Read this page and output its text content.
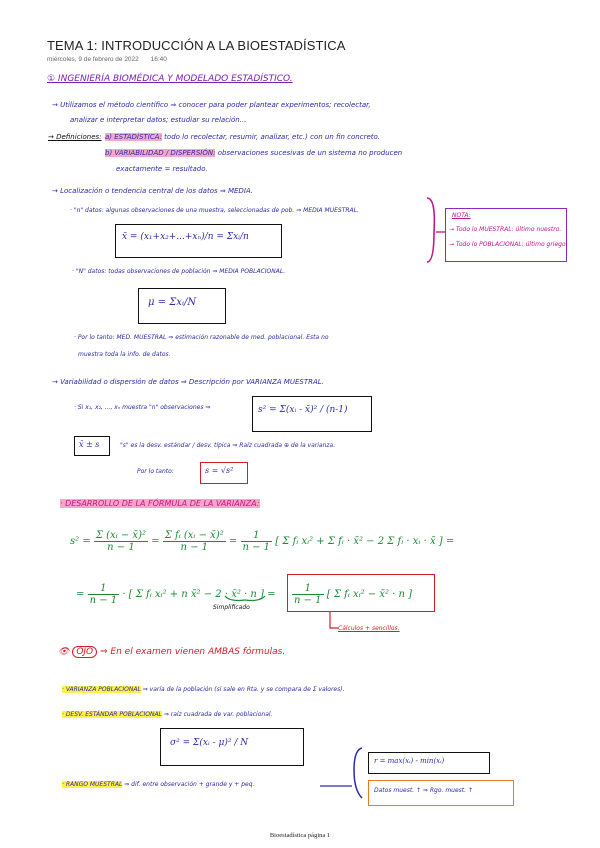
TEMA 1: INTRODUCCIÓN A LA BIOESTADÍSTICA
miércoles, 9 de febrero de 2022 16:40
① INGENIERÍA BIOMÉDICA Y MODELADO ESTADÍSTICO.
→ Utilizamos el método científico ⇒ conocer para poder plantear experimentos; recolectar,
analizar e interpretar datos; estudiar su relación...
→ Definiciones: a) ESTADÍSTICA: todo lo recolectar, resumir, analizar, etc.) con un fin concreto.
b) VARIABILIDAD / DISPERSIÓN: observaciones sucesivas de un sistema no producen
exactamente = resultado.
→ Localización o tendencia central de los datos ⇒ MEDIA.
· "n" datos: algunas observaciones de una muestra, seleccionadas de pob. ⇒ MEDIA MUESTRAL.
x̄ = (x₁+x₂+...+xₙ)/n = Σxᵢ/n
· "N" datos: todas observaciones de población ⇒ MEDIA POBLACIONAL.
μ = Σxᵢ/N
· Por lo tanto: MED. MUESTRAL ⇒ estimación razonable de med. poblacional. Esta no
muestra toda la info. de datos.
NOTA:
→ Todo lo MUESTRAL: último nuestro.
→ Todo lo POBLACIONAL: último griego.
→ Variabilidad o dispersión de datos ⇒ Descripción por VARIANZA MUESTRAL.
· Si x₁, x₂, ..., xₙ muestra "n" observaciones ⇒	s² = Σ(xᵢ - x̄)² / (n-1)
x̄ ± s	"s" es la desv. estándar / desv. típica ⇒ Raíz cuadrada ⊕ de la varianza.
Por lo tanto:	s = √s²
· DESARROLLO DE LA FÓRMULA DE LA VARIANZA:
$s^2 = \frac{\text{Σ (xᵢ − x̄)²}}{n - 1} = \frac{\text{Σ fᵢ (xᵢ − x̄)²}}{n - 1} = \frac{1}{n - 1}$ [ Σ fᵢ xᵢ² + Σ fᵢ · x̄² − 2 Σ fᵢ · xᵢ · x̄ ] =
= $\frac{1}{n - 1}$ · [ Σ fᵢ xᵢ² + n x̄² − 2 · x̄² · n ] = $\frac{1}{n - 1}$ [ Σ fᵢ xᵢ² − x̄² · n ]
Simplificado
Cálculos + sencillos.
👁 OJO ⇒ En el examen vienen AMBAS fórmulas.
· VARIANZA POBLACIONAL ⇒ varía de la población (si sale en Rta. y se compara de Σ valores).
· DESV. ESTÁNDAR POBLACIONAL ⇒ raíz cuadrada de var. poblacional.
σ² = Σ(xᵢ - μ)² / N
· RANGO MUESTRAL ⇒ dif. entre observación + grande y + peq.
r = max(xᵢ) - min(xᵢ)
Datos muest. ↑ ⇒ Rgo. muest. ↑
Bioestadística página 1
